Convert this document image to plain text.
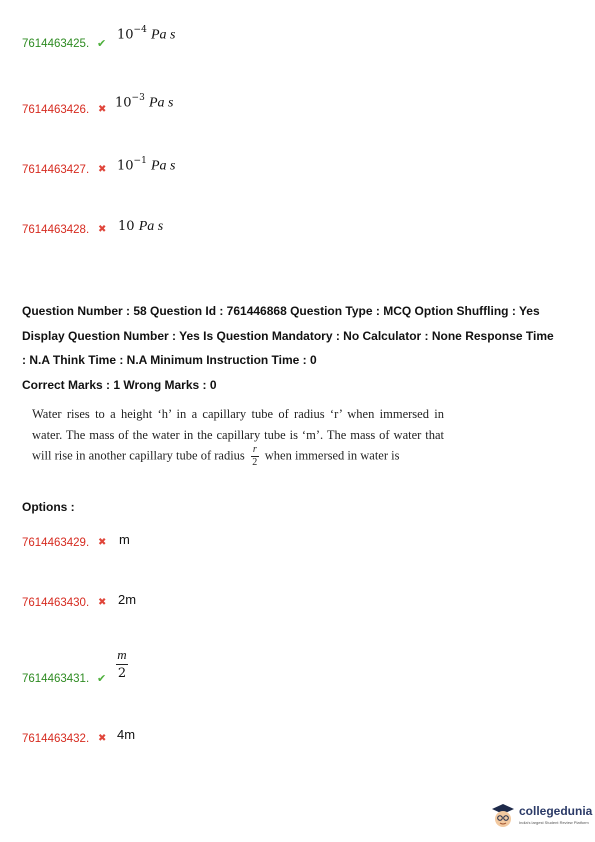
7614463425. ✔
$10^{-4}$ Pa s
7614463426. ✖ $10^{-3}$ Pa s
7614463427. ✖ $10^{-1}$ Pa s
7614463428. ✖ 10 Pa s
Question Number : 58 Question Id : 761446868 Question Type : MCQ Option Shuffling : Yes
Display Question Number : Yes Is Question Mandatory : No Calculator : None Response Time
: N.A Think Time : N.A Minimum Instruction Time : 0
Correct Marks : 1 Wrong Marks : 0
Water rises to a height ‘h’ in a capillary tube of radius ‘r’ when immersed in water. The mass of the water in the capillary tube is ‘m’. The mass of water that will rise in another capillary tube of radius $\frac{r}{2}$ when immersed in water is
Options :
7614463429. ✖ m
7614463430. ✖ 2m
7614463431. ✔
m
2
7614463432. ✖ 4m
collegedunia
India's largest Student Review Platform
